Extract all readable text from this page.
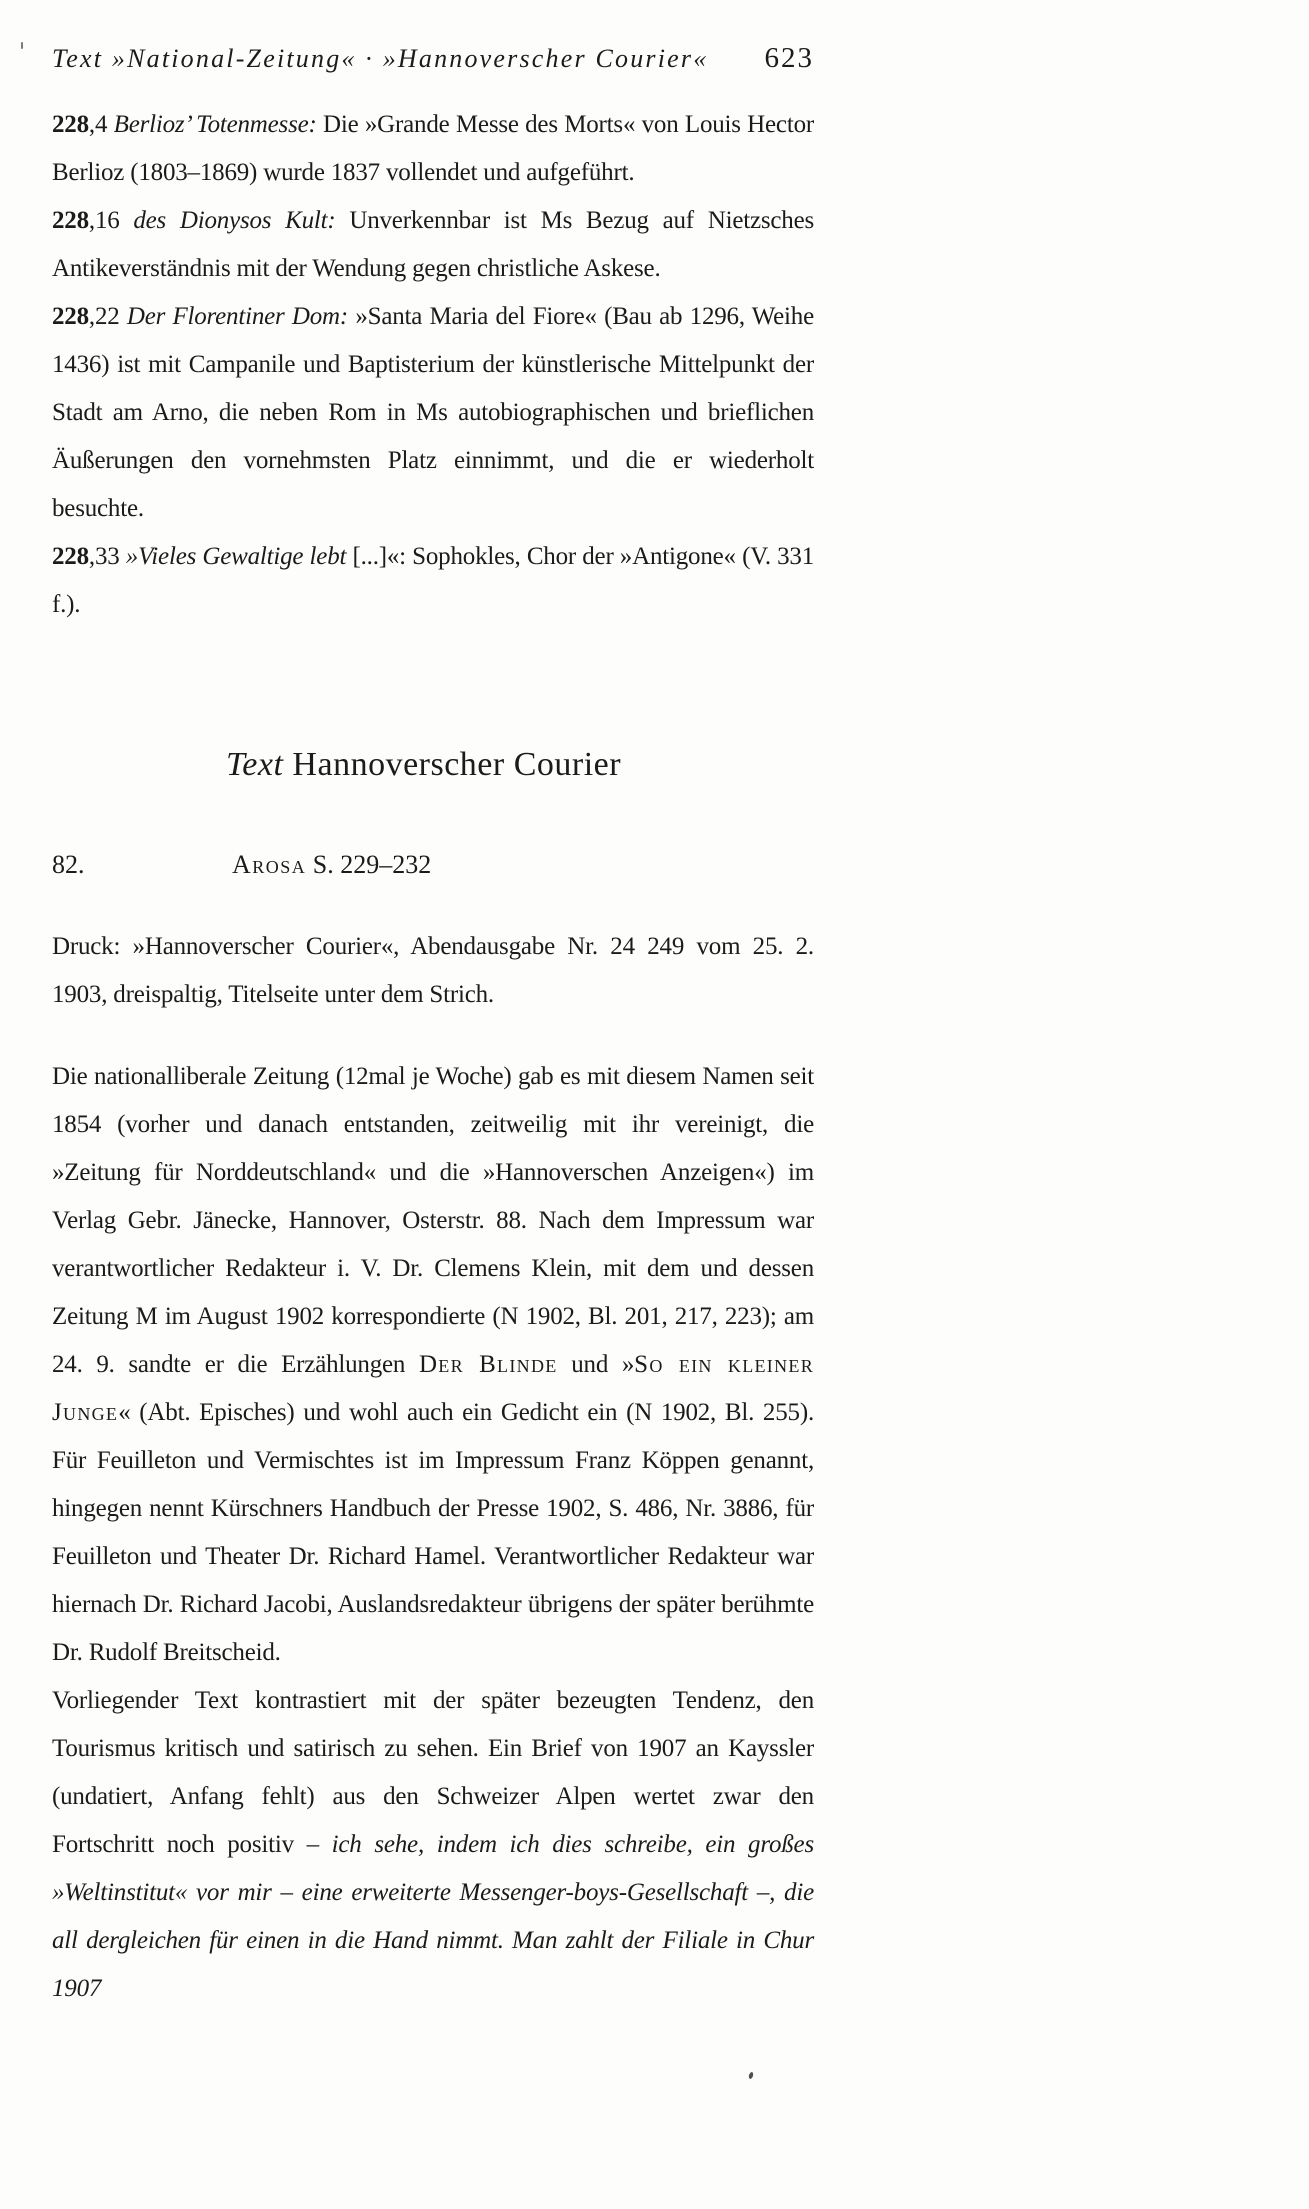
Text »National-Zeitung« · »Hannoverscher Courier« 623

228,4 Berlioz’ Totenmesse: Die »Grande Messe des Morts« von Louis Hector Berlioz (1803–1869) wurde 1837 vollendet und aufgeführt.

228,16 des Dionysos Kult: Unverkennbar ist Ms Bezug auf Nietzsches Antikeverständnis mit der Wendung gegen christliche Askese.

228,22 Der Florentiner Dom: »Santa Maria del Fiore« (Bau ab 1296, Weihe 1436) ist mit Campanile und Baptisterium der künstlerische Mittelpunkt der Stadt am Arno, die neben Rom in Ms autobiographischen und brieflichen Äußerungen den vornehmsten Platz einnimmt, und die er wiederholt besuchte.

228,33 »Vieles Gewaltige lebt [...]«: Sophokles, Chor der »Antigone« (V. 331 f.).

Text Hannoverscher Courier
82.	Arosa S. 229–232

Druck: »Hannoverscher Courier«, Abendausgabe Nr. 24 249 vom 25. 2. 1903, dreispaltig, Titelseite unter dem Strich.

Die nationalliberale Zeitung (12mal je Woche) gab es mit diesem Namen seit 1854 (vorher und danach entstanden, zeitweilig mit ihr vereinigt, die »Zeitung für Norddeutschland« und die »Hannoverschen Anzeigen«) im Verlag Gebr. Jänecke, Hannover, Osterstr. 88. Nach dem Impressum war verantwortlicher Redakteur i. V. Dr. Clemens Klein, mit dem und dessen Zeitung M im August 1902 korrespondierte (N 1902, Bl. 201, 217, 223); am 24. 9. sandte er die Erzählungen Der Blinde und »So ein kleiner Junge« (Abt. Episches) und wohl auch ein Gedicht ein (N 1902, Bl. 255). Für Feuilleton und Vermischtes ist im Impressum Franz Köppen genannt, hingegen nennt Kürschners Handbuch der Presse 1902, S. 486, Nr. 3886, für Feuilleton und Theater Dr. Richard Hamel. Verantwortlicher Redakteur war hiernach Dr. Richard Jacobi, Auslandsredakteur übrigens der später berühmte Dr. Rudolf Breitscheid.

Vorliegender Text kontrastiert mit der später bezeugten Tendenz, den Tourismus kritisch und satirisch zu sehen. Ein Brief von 1907 an Kayssler (undatiert, Anfang fehlt) aus den Schweizer Alpen wertet zwar den Fortschritt noch positiv – ich sehe, indem ich dies schreibe, ein großes »Weltinstitut« vor mir – eine erweiterte Messenger-boys-Gesellschaft –, die all dergleichen für einen in die Hand nimmt. Man zahlt der Filiale in Chur 1907
